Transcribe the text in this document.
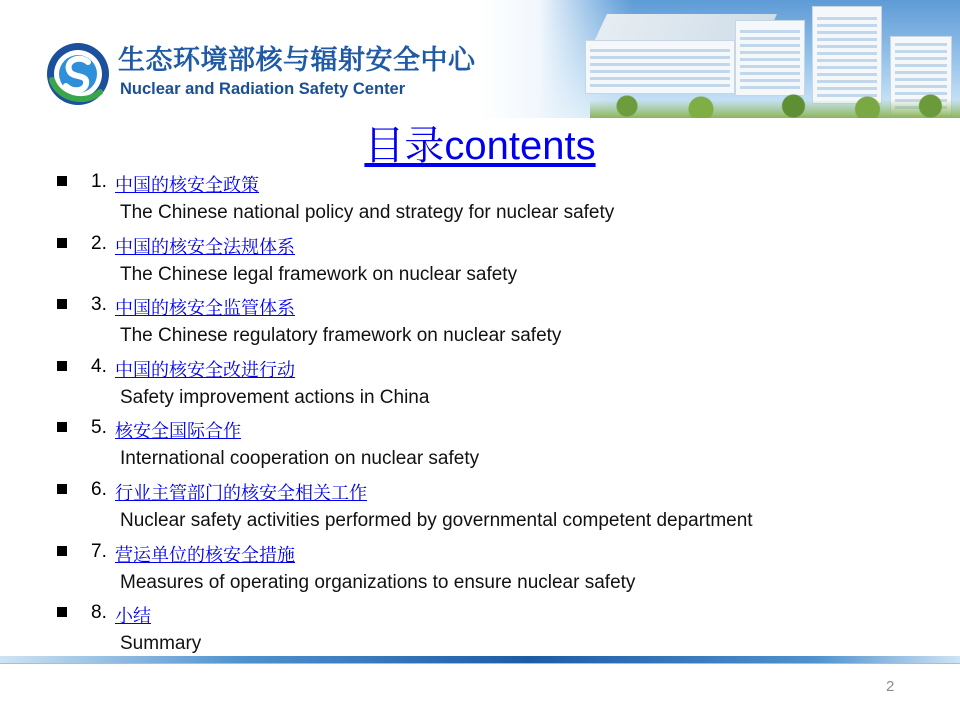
生态环境部核与辐射安全中心
Nuclear and Radiation Safety Center
目录contents
1. 中国的核安全政策
The Chinese national policy and strategy for nuclear safety
2. 中国的核安全法规体系
The Chinese legal framework on nuclear safety
3. 中国的核安全监管体系
The Chinese regulatory framework on nuclear safety
4. 中国的核安全改进行动
Safety improvement actions in China
5. 核安全国际合作
International cooperation on nuclear safety
6. 行业主管部门的核安全相关工作
Nuclear safety activities performed by governmental competent department
7. 营运单位的核安全措施
Measures of operating organizations to ensure nuclear safety
8. 小结
Summary
2
